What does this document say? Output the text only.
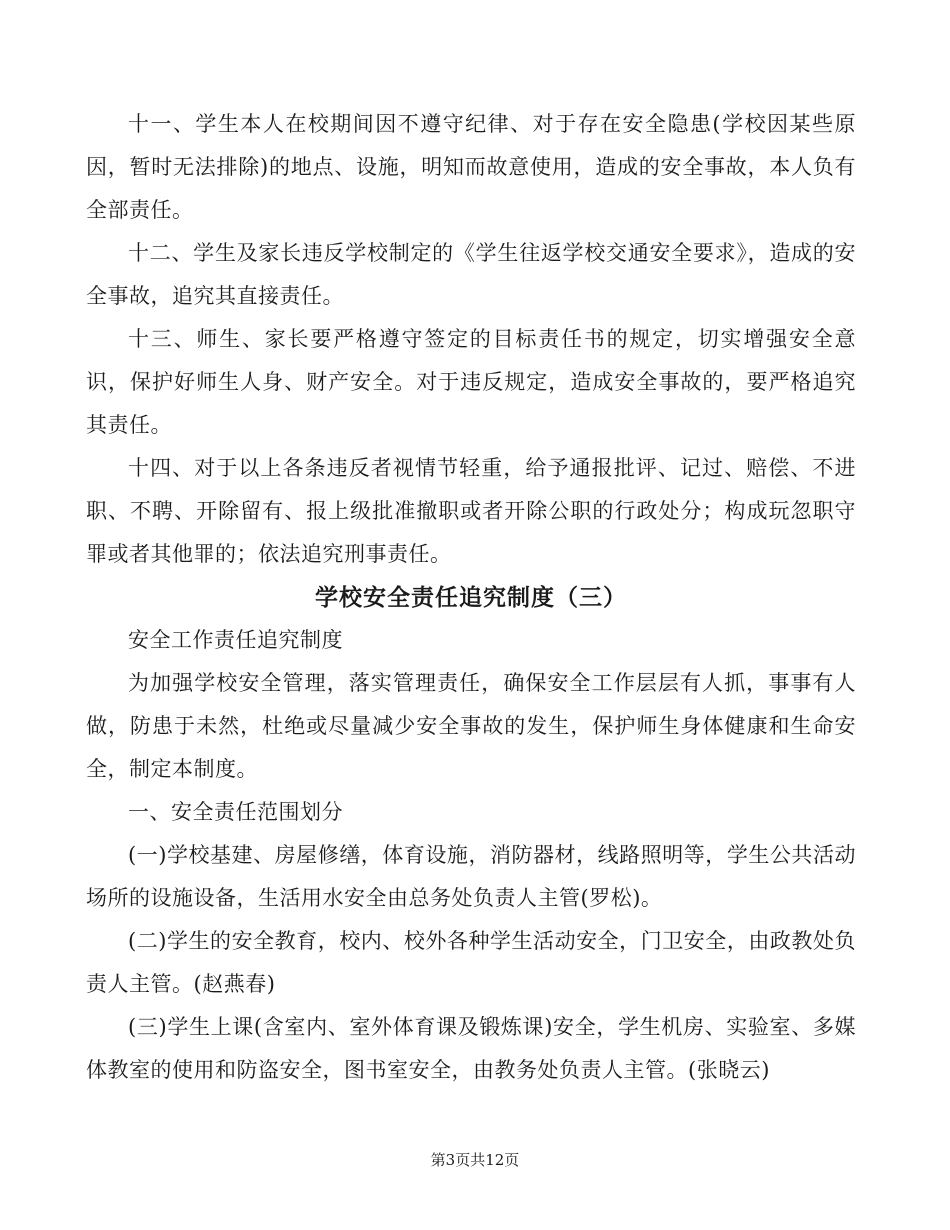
十一、学生本人在校期间因不遵守纪律、对于存在安全隐患(学校因某些原因，暂时无法排除)的地点、设施，明知而故意使用，造成的安全事故，本人负有全部责任。

十二、学生及家长违反学校制定的《学生往返学校交通安全要求》，造成的安全事故，追究其直接责任。

十三、师生、家长要严格遵守签定的目标责任书的规定，切实增强安全意识，保护好师生人身、财产安全。对于违反规定，造成安全事故的，要严格追究其责任。

十四、对于以上各条违反者视情节轻重，给予通报批评、记过、赔偿、不进职、不聘、开除留有、报上级批准撤职或者开除公职的行政处分；构成玩忽职守罪或者其他罪的；依法追究刑事责任。

学校安全责任追究制度（三）

安全工作责任追究制度

为加强学校安全管理，落实管理责任，确保安全工作层层有人抓，事事有人做，防患于未然，杜绝或尽量减少安全事故的发生，保护师生身体健康和生命安全，制定本制度。

一、安全责任范围划分

(一)学校基建、房屋修缮，体育设施，消防器材，线路照明等，学生公共活动场所的设施设备，生活用水安全由总务处负责人主管(罗松)。

(二)学生的安全教育，校内、校外各种学生活动安全，门卫安全，由政教处负责人主管。(赵燕春)

(三)学生上课(含室内、室外体育课及锻炼课)安全，学生机房、实验室、多媒体教室的使用和防盗安全，图书室安全，由教务处负责人主管。(张晓云)

第3页共12页
